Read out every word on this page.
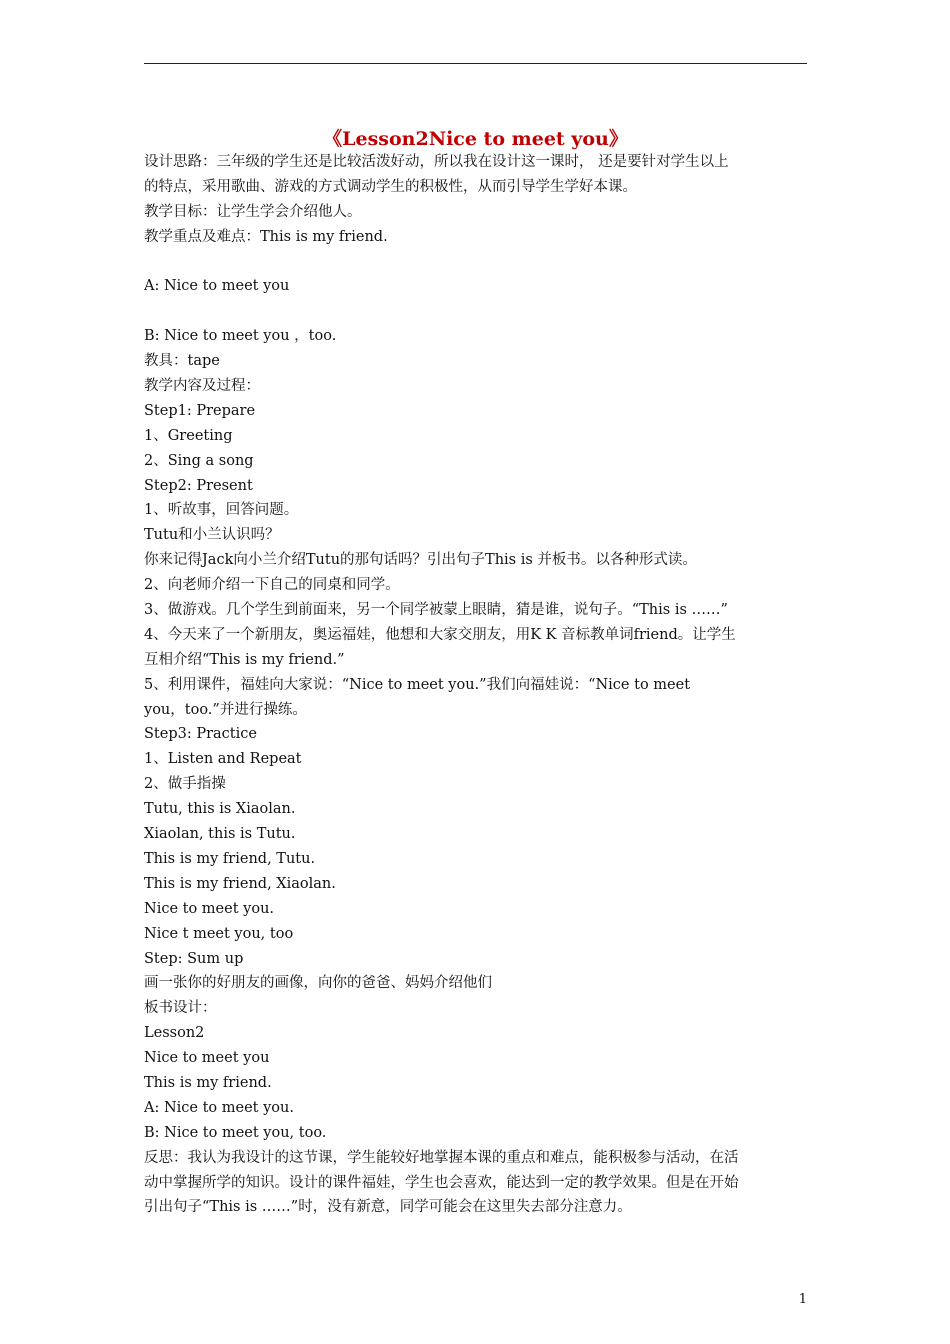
《Lesson2Nice to meet you》
设计思路：三年级的学生还是比较活泼好动，所以我在设计这一课时， 还是要针对学生以上
的特点，采用歌曲、游戏的方式调动学生的积极性，从而引导学生学好本课。
教学目标：让学生学会介绍他人。
教学重点及难点：This is my friend.
A: Nice to meet you
B: Nice to meet you ，too.
教具：tape
教学内容及过程：
Step1: Prepare
1、Greeting
2、Sing a song
Step2: Present
1、听故事，回答问题。
Tutu和小兰认识吗？
你来记得Jack向小兰介绍Tutu的那句话吗？引出句子This is 并板书。以各种形式读。
2、向老师介绍一下自己的同桌和同学。
3、做游戏。几个学生到前面来，另一个同学被蒙上眼睛，猜是谁，说句子。“This is ……”
4、今天来了一个新朋友，奥运福娃，他想和大家交朋友，用K K 音标教单词friend。让学生
互相介绍“This is my friend.”
5、利用课件，福娃向大家说：“Nice to meet you.”我们向福娃说：“Nice to meet
you，too.”并进行操练。
Step3: Practice
1、Listen and Repeat
2、做手指操
Tutu, this is Xiaolan.
Xiaolan, this is Tutu.
This is my friend, Tutu.
This is my friend, Xiaolan.
Nice to meet you.
Nice t meet you, too
Step: Sum up
画一张你的好朋友的画像，向你的爸爸、妈妈介绍他们
板书设计：
Lesson2
Nice to meet you
This is my friend.
A: Nice to meet you.
B: Nice to meet you, too.
反思：我认为我设计的这节课，学生能较好地掌握本课的重点和难点，能积极参与活动，在活
动中掌握所学的知识。设计的课件福娃，学生也会喜欢，能达到一定的教学效果。但是在开始
引出句子“This is ……”时，没有新意，同学可能会在这里失去部分注意力。
1
